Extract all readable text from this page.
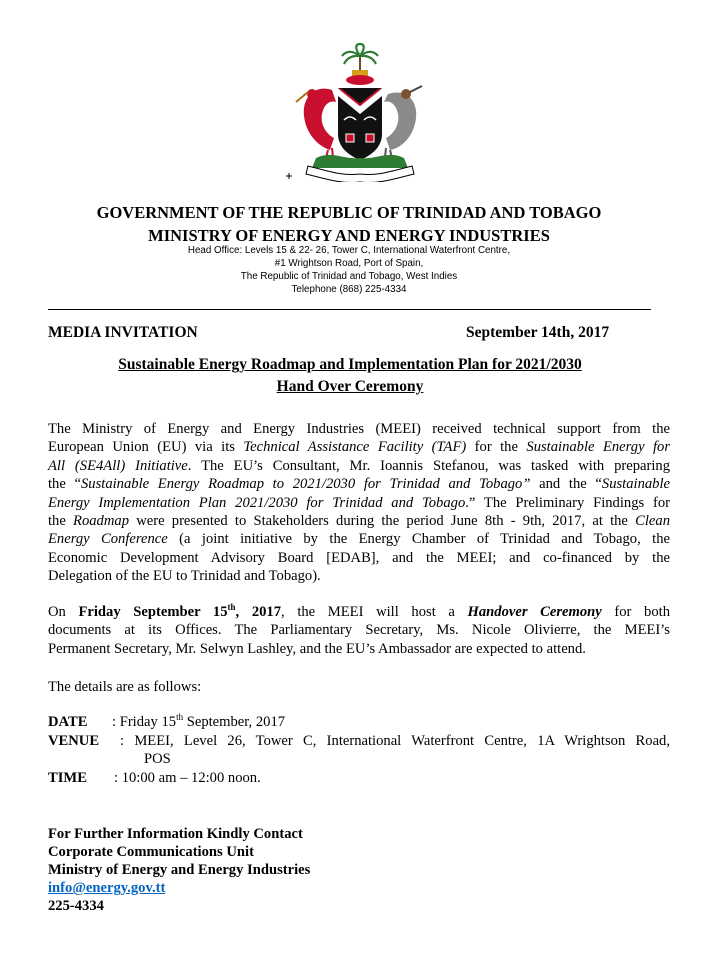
GOVERNMENT OF THE REPUBLIC OF TRINIDAD AND TOBAGO
MINISTRY OF ENERGY AND ENERGY INDUSTRIES
Head Office: Levels 15 & 22- 26, Tower C, International Waterfront Centre,
#1 Wrightson Road, Port of Spain,
The Republic of Trinidad and Tobago, West Indies
Telephone (868) 225-4334
MEDIA INVITATION	September 14th, 2017
Sustainable Energy Roadmap and Implementation Plan for 2021/2030
Hand Over Ceremony
The Ministry of Energy and Energy Industries (MEEI) received technical support from the
European Union (EU) via its Technical Assistance Facility (TAF) for the Sustainable Energy for
All (SE4All) Initiative. The EU’s Consultant, Mr. Ioannis Stefanou, was tasked with preparing
the “Sustainable Energy Roadmap to 2021/2030 for Trinidad and Tobago” and the “Sustainable
Energy Implementation Plan 2021/2030 for Trinidad and Tobago.” The Preliminary Findings for
the Roadmap were presented to Stakeholders during the period June 8th - 9th, 2017, at the Clean
Energy Conference (a joint initiative by the Energy Chamber of Trinidad and Tobago, the
Economic Development Advisory Board [EDAB], and the MEEI; and co-financed by the
Delegation of the EU to Trinidad and Tobago).
On Friday September 15th, 2017, the MEEI will host a Handover Ceremony for both
documents at its Offices. The Parliamentary Secretary, Ms. Nicole Olivierre, the MEEI’s
Permanent Secretary, Mr. Selwyn Lashley, and the EU’s Ambassador are expected to attend.
The details are as follows:
DATE : Friday 15th September, 2017
VENUE : MEEI, Level 26, Tower C, International Waterfront Centre, 1A Wrightson Road,
POS
TIME : 10:00 am – 12:00 noon.
For Further Information Kindly Contact
Corporate Communications Unit
Ministry of Energy and Energy Industries
info@energy.gov.tt
225-4334
